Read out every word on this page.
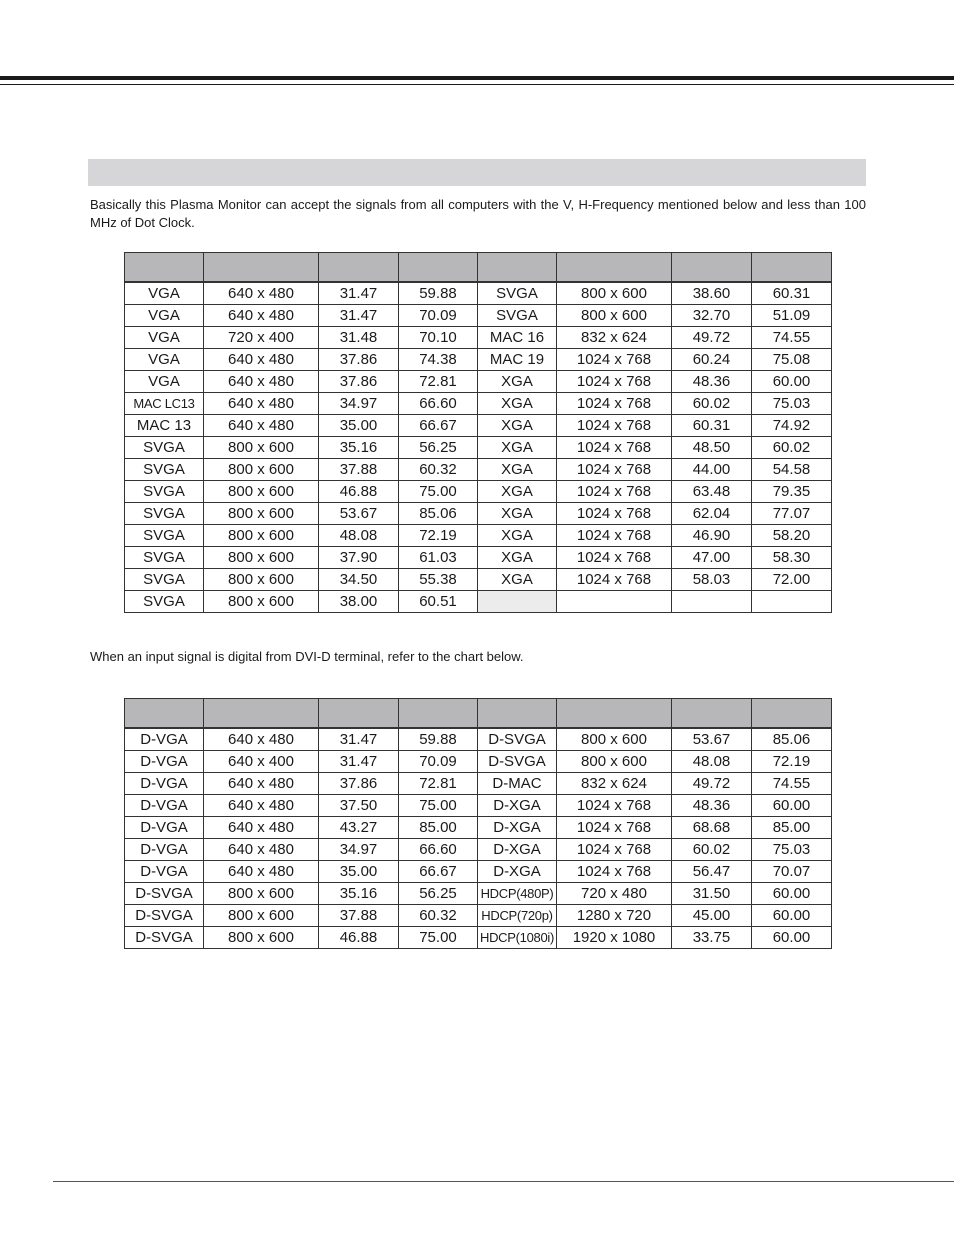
Basically this Plasma Monitor can accept the signals from all computers with the V, H-Frequency mentioned below and less than 100 MHz of Dot Clock.

VGA	640 x 480	31.47	59.88	SVGA	800 x 600	38.60	60.31
VGA	640 x 480	31.47	70.09	SVGA	800 x 600	32.70	51.09
VGA	720 x 400	31.48	70.10	MAC 16	832 x 624	49.72	74.55
VGA	640 x 480	37.86	74.38	MAC 19	1024 x 768	60.24	75.08
VGA	640 x 480	37.86	72.81	XGA	1024 x 768	48.36	60.00
MAC LC13	640 x 480	34.97	66.60	XGA	1024 x 768	60.02	75.03
MAC 13	640 x 480	35.00	66.67	XGA	1024 x 768	60.31	74.92
SVGA	800 x 600	35.16	56.25	XGA	1024 x 768	48.50	60.02
SVGA	800 x 600	37.88	60.32	XGA	1024 x 768	44.00	54.58
SVGA	800 x 600	46.88	75.00	XGA	1024 x 768	63.48	79.35
SVGA	800 x 600	53.67	85.06	XGA	1024 x 768	62.04	77.07
SVGA	800 x 600	48.08	72.19	XGA	1024 x 768	46.90	58.20
SVGA	800 x 600	37.90	61.03	XGA	1024 x 768	47.00	58.30
SVGA	800 x 600	34.50	55.38	XGA	1024 x 768	58.03	72.00
SVGA	800 x 600	38.00	60.51				
When an input signal is digital from DVI-D terminal, refer to the chart below.

D-VGA	640 x 480	31.47	59.88	D-SVGA	800 x 600	53.67	85.06
D-VGA	640 x 400	31.47	70.09	D-SVGA	800 x 600	48.08	72.19
D-VGA	640 x 480	37.86	72.81	D-MAC	832 x 624	49.72	74.55
D-VGA	640 x 480	37.50	75.00	D-XGA	1024 x 768	48.36	60.00
D-VGA	640 x 480	43.27	85.00	D-XGA	1024 x 768	68.68	85.00
D-VGA	640 x 480	34.97	66.60	D-XGA	1024 x 768	60.02	75.03
D-VGA	640 x 480	35.00	66.67	D-XGA	1024 x 768	56.47	70.07
D-SVGA	800 x 600	35.16	56.25	HDCP(480P)	720 x 480	31.50	60.00
D-SVGA	800 x 600	37.88	60.32	HDCP(720p)	1280 x 720	45.00	60.00
D-SVGA	800 x 600	46.88	75.00	HDCP(1080i)	1920 x 1080	33.75	60.00
